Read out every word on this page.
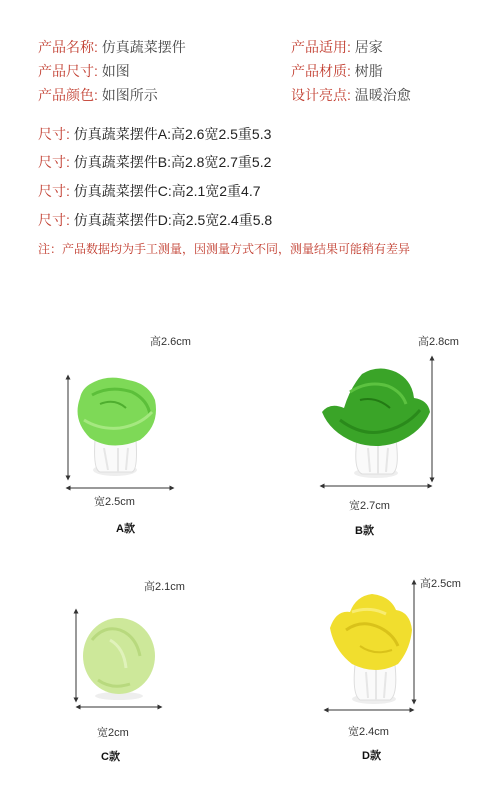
产品名称: 仿真蔬菜摆件
产品尺寸: 如图
产品颜色: 如图所示
产品适用: 居家
产品材质: 树脂
设计亮点: 温暖治愈
尺寸: 仿真蔬菜摆件A:高2.6宽2.5重5.3
尺寸: 仿真蔬菜摆件B:高2.8宽2.7重5.2
尺寸: 仿真蔬菜摆件C:高2.1宽2重4.7
尺寸: 仿真蔬菜摆件D:高2.5宽2.4重5.8
注：产品数据均为手工测量，因测量方式不同，测量结果可能稍有差异
高2.6cm
宽2.5cm
A款
高2.8cm
宽2.7cm
B款
高2.1cm
宽2cm
C款
高2.5cm
宽2.4cm
D款
